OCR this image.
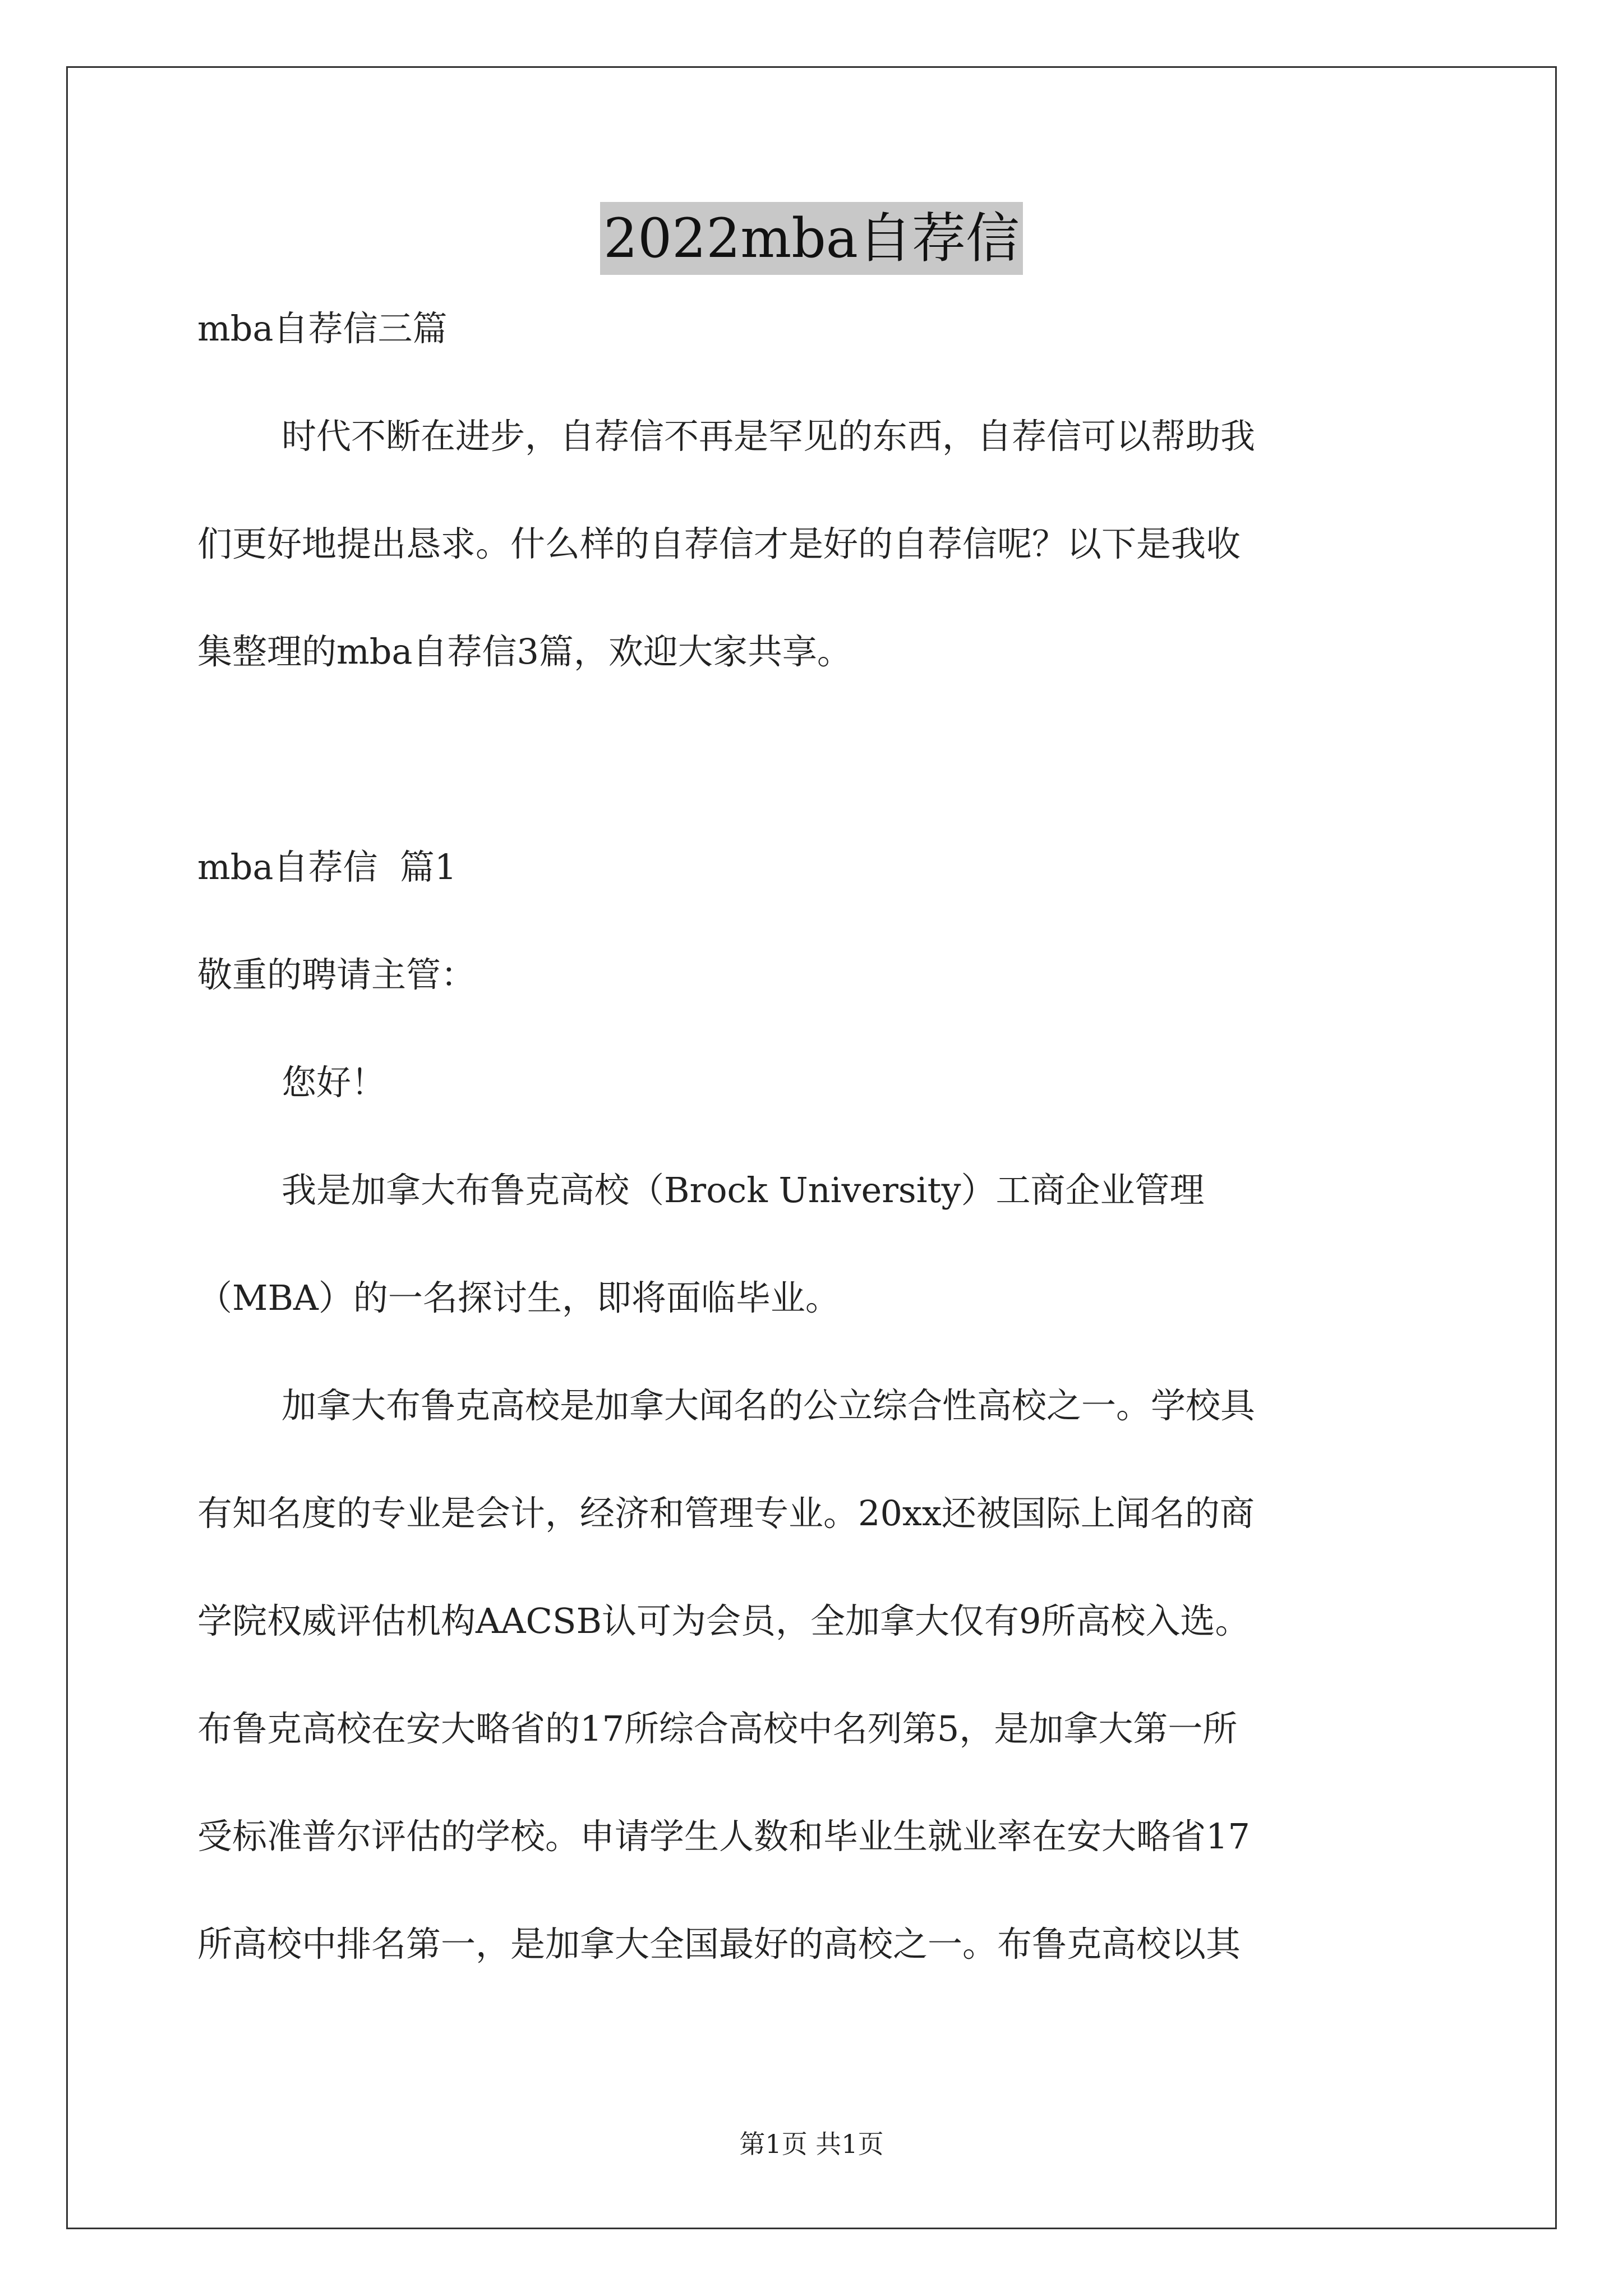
2022mba自荐信
mba自荐信三篇
时代不断在进步，自荐信不再是罕见的东西，自荐信可以帮助我
们更好地提出恳求。什么样的自荐信才是好的自荐信呢？以下是我收
集整理的mba自荐信3篇，欢迎大家共享。
mba自荐信  篇1
敬重的聘请主管：
您好！
我是加拿大布鲁克高校（Brock University）工商企业管理
（MBA）的一名探讨生，即将面临毕业。
加拿大布鲁克高校是加拿大闻名的公立综合性高校之一。学校具
有知名度的专业是会计，经济和管理专业。20xx还被国际上闻名的商
学院权威评估机构AACSB认可为会员，全加拿大仅有9所高校入选。
布鲁克高校在安大略省的17所综合高校中名列第5，是加拿大第一所
受标准普尔评估的学校。申请学生人数和毕业生就业率在安大略省17
所高校中排名第一，是加拿大全国最好的高校之一。布鲁克高校以其
第1页 共1页
